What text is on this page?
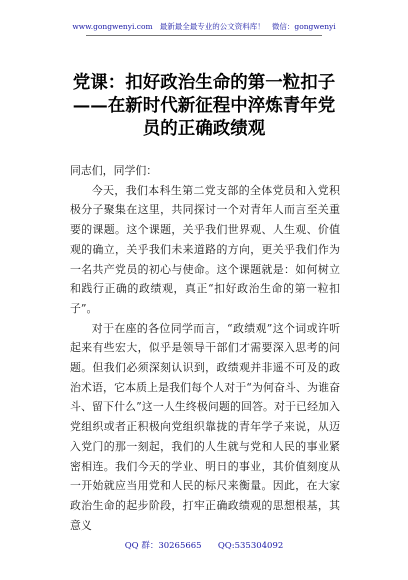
www.gongwenyi.com 最新最全最专业的公文资料库！ 微信：gongwenyi
党课：扣好政治生命的第一粒扣子——在新时代新征程中淬炼青年党员的正确政绩观

同志们，同学们：

今天，我们本科生第二党支部的全体党员和入党积极分子聚集在这里，共同探讨一个对青年人而言至关重要的课题。这个课题，关乎我们世界观、人生观、价值观的确立，关乎我们未来道路的方向，更关乎我们作为一名共产党员的初心与使命。这个课题就是：如何树立和践行正确的政绩观，真正“扣好政治生命的第一粒扣子”。

对于在座的各位同学而言，“政绩观”这个词或许听起来有些宏大，似乎是领导干部们才需要深入思考的问题。但我们必须深刻认识到，政绩观并非遥不可及的政治术语，它本质上是我们每个人对于“为何奋斗、为谁奋斗、留下什么”这一人生终极问题的回答。对于已经加入党组织或者正积极向党组织靠拢的青年学子来说，从迈入党门的那一刻起，我们的人生就与党和人民的事业紧密相连。我们今天的学业、明日的事业，其价值刻度从一开始就应当用党和人民的标尺来衡量。因此，在大家政治生命的起步阶段，打牢正确政绩观的思想根基，其意义

QQ 群：30265665 QQ:535304092
